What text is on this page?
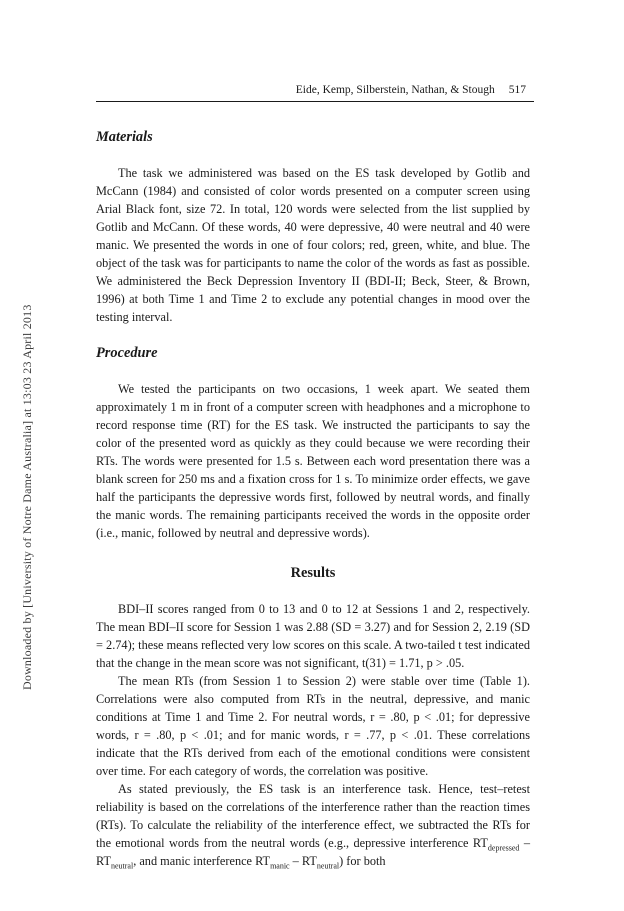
Downloaded by [University of Notre Dame Australia] at 13:03 23 April 2013
Eide, Kemp, Silberstein, Nathan, & Stough 517
Materials

The task we administered was based on the ES task developed by Gotlib and McCann (1984) and consisted of color words presented on a computer screen using Arial Black font, size 72. In total, 120 words were selected from the list supplied by Gotlib and McCann. Of these words, 40 were depressive, 40 were neutral and 40 were manic. We presented the words in one of four colors; red, green, white, and blue. The object of the task was for participants to name the color of the words as fast as possible. We administered the Beck Depression Inventory II (BDI-II; Beck, Steer, & Brown, 1996) at both Time 1 and Time 2 to exclude any potential changes in mood over the testing interval.

Procedure

We tested the participants on two occasions, 1 week apart. We seated them approximately 1 m in front of a computer screen with headphones and a microphone to record response time (RT) for the ES task. We instructed the participants to say the color of the presented word as quickly as they could because we were recording their RTs. The words were presented for 1.5 s. Between each word presentation there was a blank screen for 250 ms and a fixation cross for 1 s. To minimize order effects, we gave half the participants the depressive words first, followed by neutral words, and finally the manic words. The remaining participants received the words in the opposite order (i.e., manic, followed by neutral and depressive words).

Results

BDI–II scores ranged from 0 to 13 and 0 to 12 at Sessions 1 and 2, respectively. The mean BDI–II score for Session 1 was 2.88 (SD = 3.27) and for Session 2, 2.19 (SD = 2.74); these means reflected very low scores on this scale. A two-tailed t test indicated that the change in the mean score was not significant, t(31) = 1.71, p > .05.

The mean RTs (from Session 1 to Session 2) were stable over time (Table 1). Correlations were also computed from RTs in the neutral, depressive, and manic conditions at Time 1 and Time 2. For neutral words, r = .80, p < .01; for depressive words, r = .80, p < .01; and for manic words, r = .77, p < .01. These correlations indicate that the RTs derived from each of the emotional conditions were consistent over time. For each category of words, the correlation was positive.

As stated previously, the ES task is an interference task. Hence, test–retest reliability is based on the correlations of the interference rather than the reaction times (RTs). To calculate the reliability of the interference effect, we subtracted the RTs for the emotional words from the neutral words (e.g., depressive interference $RT_{depressed} - RT_{neutral}$, and manic interference $RT_{manic} - RT_{neutral}$) for both
